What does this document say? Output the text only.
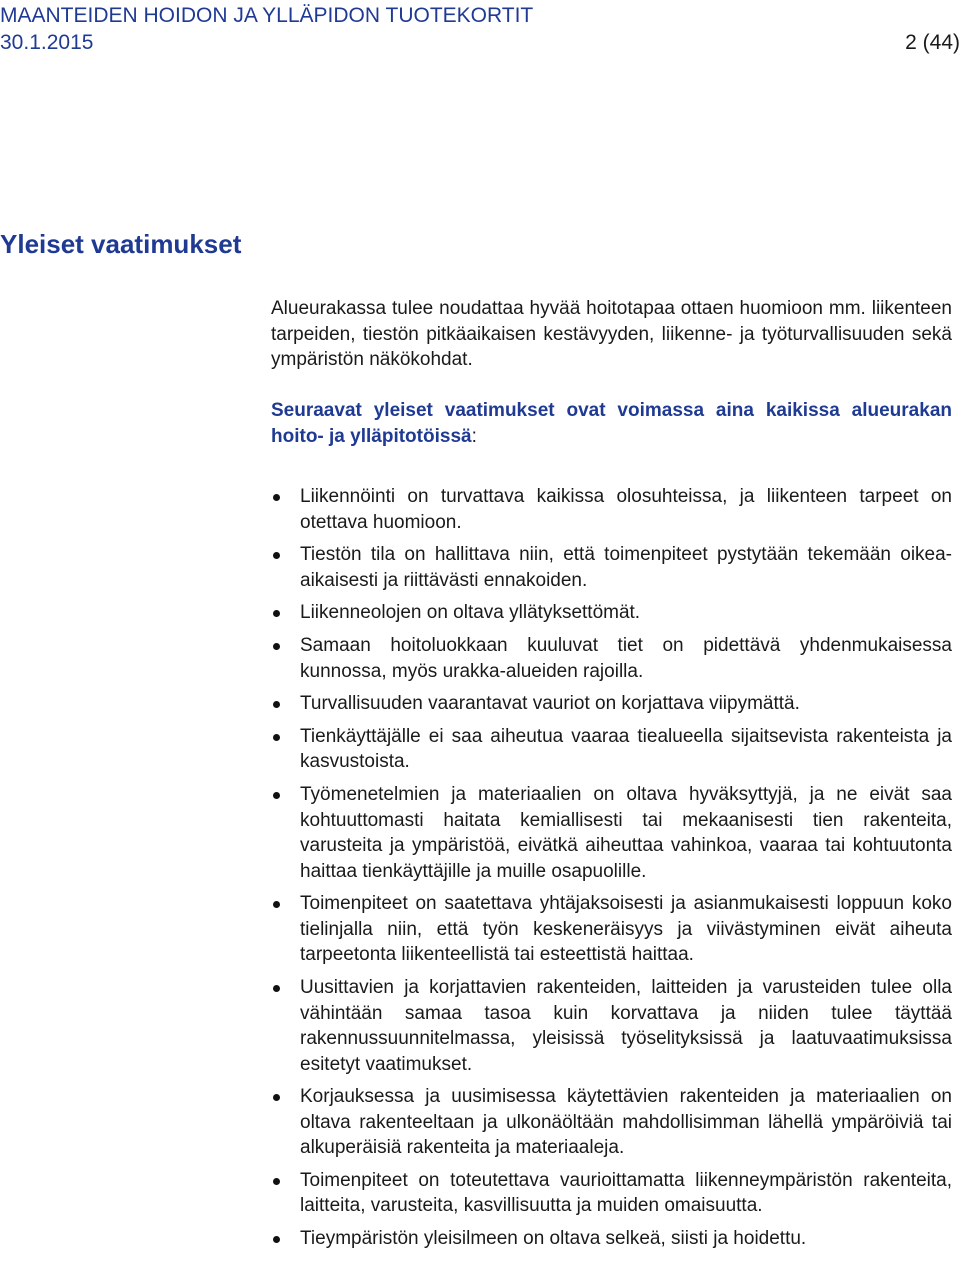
MAANTEIDEN HOIDON JA YLLÄPIDON TUOTEKORTIT
30.1.2015	2 (44)
Yleiset vaatimukset

Alueurakassa tulee noudattaa hyvää hoitotapaa ottaen huomioon mm. liikenteen tarpeiden, tiestön pitkäaikaisen kestävyyden, liikenne- ja työturvallisuuden sekä ympäristön näkökohdat.

Seuraavat yleiset vaatimukset ovat voimassa aina kaikissa alueurakan hoito- ja ylläpitotöissä:

Liikennöinti on turvattava kaikissa olosuhteissa, ja liikenteen tarpeet on otettava huomioon.
Tiestön tila on hallittava niin, että toimenpiteet pystytään tekemään oikea-aikaisesti ja riittävästi ennakoiden.
Liikenneolojen on oltava yllätyksettömät.
Samaan hoitoluokkaan kuuluvat tiet on pidettävä yhdenmukaisessa kunnossa, myös urakka-alueiden rajoilla.
Turvallisuuden vaarantavat vauriot on korjattava viipymättä.
Tienkäyttäjälle ei saa aiheutua vaaraa tiealueella sijaitsevista rakenteista ja kasvustoista.
Työmenetelmien ja materiaalien on oltava hyväksyttyjä, ja ne eivät saa kohtuuttomasti haitata kemiallisesti tai mekaanisesti tien rakenteita, varusteita ja ympäristöä, eivätkä aiheuttaa vahinkoa, vaaraa tai kohtuutonta haittaa tienkäyttäjille ja muille osapuolille.
Toimenpiteet on saatettava yhtäjaksoisesti ja asianmukaisesti loppuun koko tielinjalla niin, että työn keskeneräisyys ja viivästyminen eivät aiheuta tarpeetonta liikenteellistä tai esteettistä haittaa.
Uusittavien ja korjattavien rakenteiden, laitteiden ja varusteiden tulee olla vähintään samaa tasoa kuin korvattava ja niiden tulee täyttää rakennussuunnitelmassa, yleisissä työselityksissä ja laatuvaatimuksissa esitetyt vaatimukset.
Korjauksessa ja uusimisessa käytettävien rakenteiden ja materiaalien on oltava rakenteeltaan ja ulkonäöltään mahdollisimman lähellä ympäröiviä tai alkuperäisiä rakenteita ja materiaaleja.
Toimenpiteet on toteutettava vaurioittamatta liikenneympäristön rakenteita, laitteita, varusteita, kasvillisuutta ja muiden omaisuutta.
Tieympäristön yleisilmeen on oltava selkeä, siisti ja hoidettu.
